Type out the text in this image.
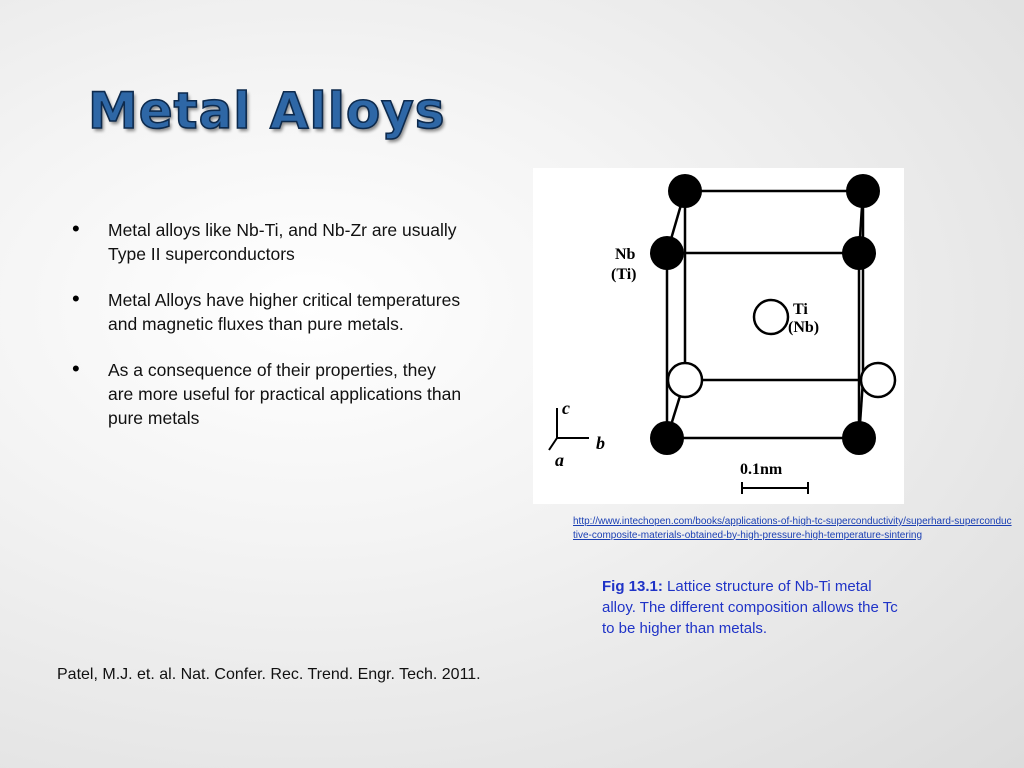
Metal Alloys
• Metal alloys like Nb-Ti, and Nb-Zr are usually Type II superconductors
• Metal Alloys have higher critical temperatures and magnetic fluxes than pure metals.
• As a consequence of their properties, they are more useful for practical applications than pure metals
Nb
(Ti)
Ti
(Nb)
0.1nm
c
b
a
http://www.intechopen.com/books/applications-of-high-tc-superconductivity/superhard-superconductive-composite-materials-obtained-by-high-pressure-high-temperature-sintering
Fig 13.1: Lattice structure of Nb-Ti metal alloy. The different composition allows the Tc to be higher than metals.
Patel, M.J. et. al. Nat. Confer. Rec. Trend. Engr. Tech. 2011.
